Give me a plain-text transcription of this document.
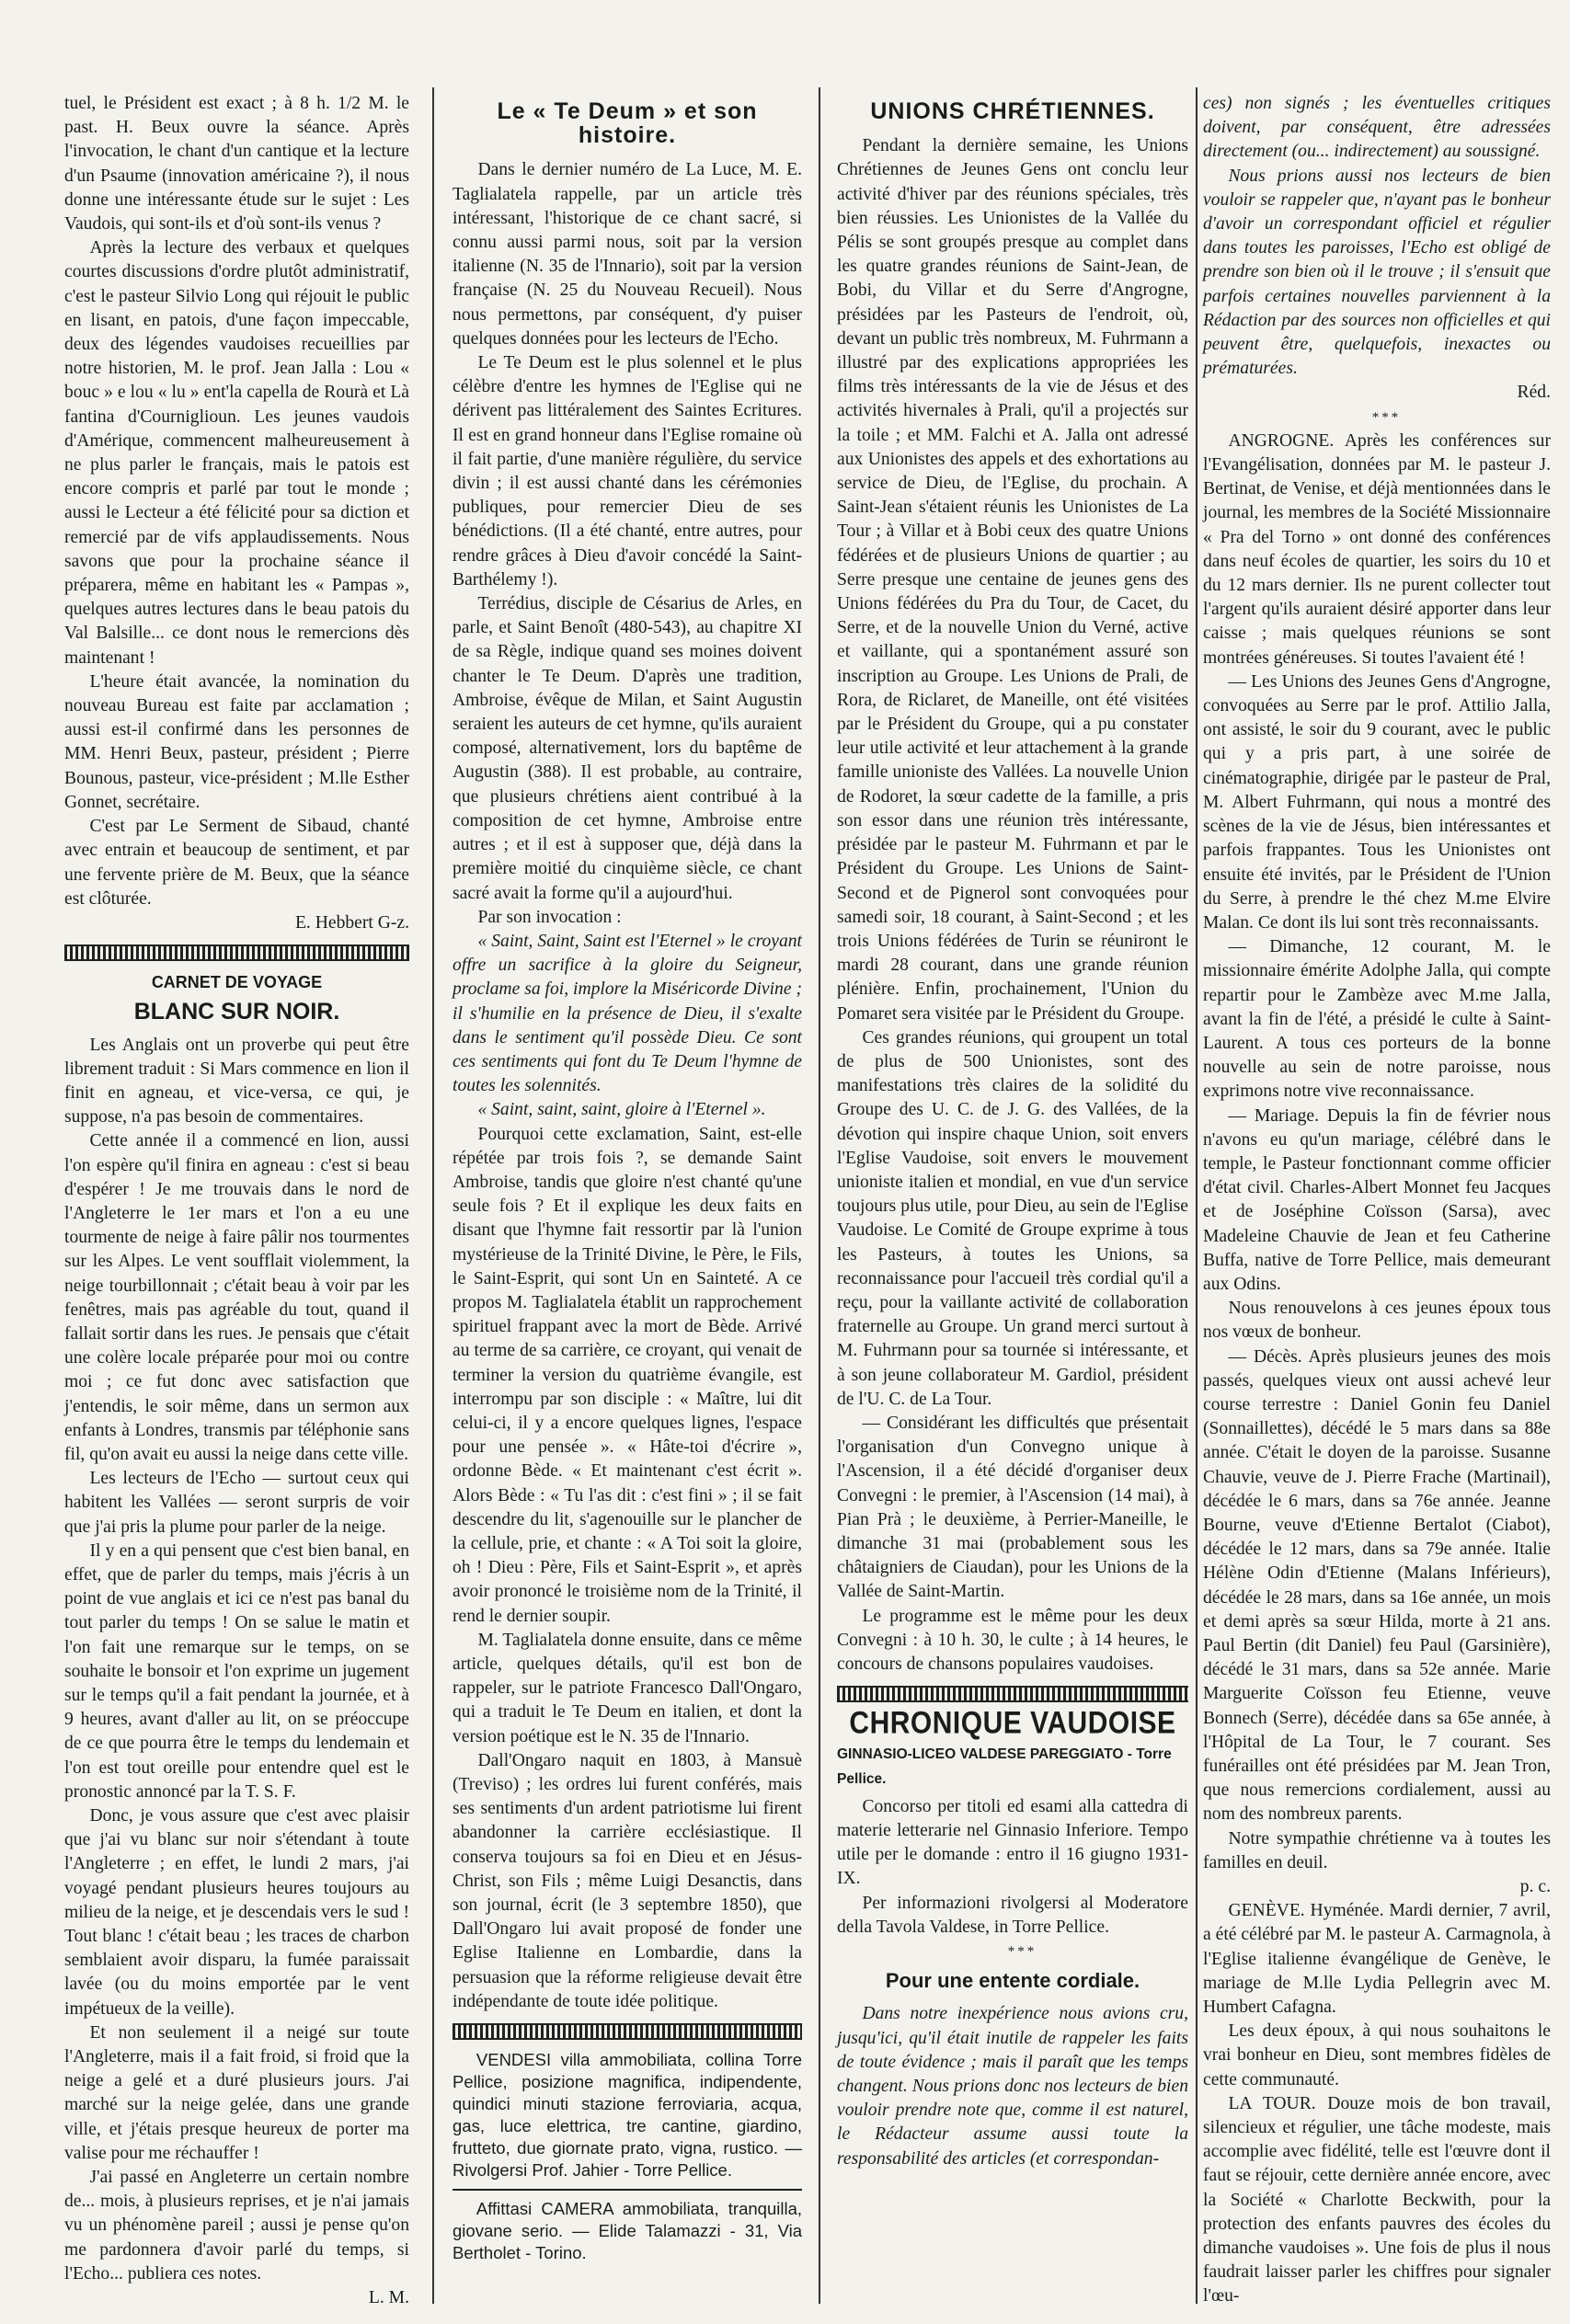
tuel, le Président est exact ; à 8 h. 1/2 M. le past. H. Beux ouvre la séance. Après l'invocation, le chant d'un cantique et la lecture d'un Psaume (innovation américaine ?), il nous donne une intéressante étude sur le sujet : Les Vaudois, qui sont-ils et d'où sont-ils venus ?

Après la lecture des verbaux et quelques courtes discussions d'ordre plutôt administratif, c'est le pasteur Silvio Long qui réjouit le public en lisant, en patois, d'une façon impeccable, deux des légendes vaudoises recueillies par notre historien, M. le prof. Jean Jalla : Lou « bouc » e lou « lu » ent'la capella de Rourà et Là fantina d'Courniglioun. Les jeunes vaudois d'Amérique, commencent malheureusement à ne plus parler le français, mais le patois est encore compris et parlé par tout le monde ; aussi le Lecteur a été félicité pour sa diction et remercié par de vifs applaudissements. Nous savons que pour la prochaine séance il préparera, même en habitant les « Pampas », quelques autres lectures dans le beau patois du Val Balsille... ce dont nous le remercions dès maintenant !

L'heure était avancée, la nomination du nouveau Bureau est faite par acclamation ; aussi est-il confirmé dans les personnes de MM. Henri Beux, pasteur, président ; Pierre Bounous, pasteur, vice-président ; M.lle Esther Gonnet, secrétaire.

C'est par Le Serment de Sibaud, chanté avec entrain et beaucoup de sentiment, et par une fervente prière de M. Beux, que la séance est clôturée.

E. Hebbert G-z.

CARNET DE VOYAGE
BLANC SUR NOIR.

Les Anglais ont un proverbe qui peut être librement traduit : Si Mars commence en lion il finit en agneau, et vice-versa, ce qui, je suppose, n'a pas besoin de commentaires.

Cette année il a commencé en lion, aussi l'on espère qu'il finira en agneau : c'est si beau d'espérer ! Je me trouvais dans le nord de l'Angleterre le 1er mars et l'on a eu une tourmente de neige à faire pâlir nos tourmentes sur les Alpes. Le vent soufflait violemment, la neige tourbillonnait ; c'était beau à voir par les fenêtres, mais pas agréable du tout, quand il fallait sortir dans les rues. Je pensais que c'était une colère locale préparée pour moi ou contre moi ; ce fut donc avec satisfaction que j'entendis, le soir même, dans un sermon aux enfants à Londres, transmis par téléphonie sans fil, qu'on avait eu aussi la neige dans cette ville.

Les lecteurs de l'Echo — surtout ceux qui habitent les Vallées — seront surpris de voir que j'ai pris la plume pour parler de la neige.

Il y en a qui pensent que c'est bien banal, en effet, que de parler du temps, mais j'écris à un point de vue anglais et ici ce n'est pas banal du tout parler du temps ! On se salue le matin et l'on fait une remarque sur le temps, on se souhaite le bonsoir et l'on exprime un jugement sur le temps qu'il a fait pendant la journée, et à 9 heures, avant d'aller au lit, on se préoccupe de ce que pourra être le temps du lendemain et l'on est tout oreille pour entendre quel est le pronostic annoncé par la T. S. F.

Donc, je vous assure que c'est avec plaisir que j'ai vu blanc sur noir s'étendant à toute l'Angleterre ; en effet, le lundi 2 mars, j'ai voyagé pendant plusieurs heures toujours au milieu de la neige, et je descendais vers le sud ! Tout blanc ! c'était beau ; les traces de charbon semblaient avoir disparu, la fumée paraissait lavée (ou du moins emportée par le vent impétueux de la veille).

Et non seulement il a neigé sur toute l'Angleterre, mais il a fait froid, si froid que la neige a gelé et a duré plusieurs jours. J'ai marché sur la neige gelée, dans une grande ville, et j'étais presque heureux de porter ma valise pour me réchauffer !

J'ai passé en Angleterre un certain nombre de... mois, à plusieurs reprises, et je n'ai jamais vu un phénomène pareil ; aussi je pense qu'on me pardonnera d'avoir parlé du temps, si l'Echo... publiera ces notes.

L. M.

Le « Te Deum » et son histoire.

Dans le dernier numéro de La Luce, M. E. Taglialatela rappelle, par un article très intéressant, l'historique de ce chant sacré, si connu aussi parmi nous, soit par la version italienne (N. 35 de l'Innario), soit par la version française (N. 25 du Nouveau Recueil). Nous nous permettons, par conséquent, d'y puiser quelques données pour les lecteurs de l'Echo.

Le Te Deum est le plus solennel et le plus célèbre d'entre les hymnes de l'Eglise qui ne dérivent pas littéralement des Saintes Ecritures. Il est en grand honneur dans l'Eglise romaine où il fait partie, d'une manière régulière, du service divin ; il est aussi chanté dans les cérémonies publiques, pour remercier Dieu de ses bénédictions. (Il a été chanté, entre autres, pour rendre grâces à Dieu d'avoir concédé la Saint-Barthélemy !).

Terrédius, disciple de Césarius de Arles, en parle, et Saint Benoît (480-543), au chapitre XI de sa Règle, indique quand ses moines doivent chanter le Te Deum. D'après une tradition, Ambroise, évêque de Milan, et Saint Augustin seraient les auteurs de cet hymne, qu'ils auraient composé, alternativement, lors du baptême de Augustin (388). Il est probable, au contraire, que plusieurs chrétiens aient contribué à la composition de cet hymne, Ambroise entre autres ; et il est à supposer que, déjà dans la première moitié du cinquième siècle, ce chant sacré avait la forme qu'il a aujourd'hui.

Par son invocation :

« Saint, Saint, Saint est l'Eternel » le croyant offre un sacrifice à la gloire du Seigneur, proclame sa foi, implore la Miséricorde Divine ; il s'humilie en la présence de Dieu, il s'exalte dans le sentiment qu'il possède Dieu. Ce sont ces sentiments qui font du Te Deum l'hymne de toutes les solennités.

« Saint, saint, saint, gloire à l'Eternel ».

Pourquoi cette exclamation, Saint, est-elle répétée par trois fois ?, se demande Saint Ambroise, tandis que gloire n'est chanté qu'une seule fois ? Et il explique les deux faits en disant que l'hymne fait ressortir par là l'union mystérieuse de la Trinité Divine, le Père, le Fils, le Saint-Esprit, qui sont Un en Sainteté. A ce propos M. Taglialatela établit un rapprochement spirituel frappant avec la mort de Bède. Arrivé au terme de sa carrière, ce croyant, qui venait de terminer la version du quatrième évangile, est interrompu par son disciple : « Maître, lui dit celui-ci, il y a encore quelques lignes, l'espace pour une pensée ». « Hâte-toi d'écrire », ordonne Bède. « Et maintenant c'est écrit ». Alors Bède : « Tu l'as dit : c'est fini » ; il se fait descendre du lit, s'agenouille sur le plancher de la cellule, prie, et chante : « A Toi soit la gloire, oh ! Dieu : Père, Fils et Saint-Esprit », et après avoir prononcé le troisième nom de la Trinité, il rend le dernier soupir.

M. Taglialatela donne ensuite, dans ce même article, quelques détails, qu'il est bon de rappeler, sur le patriote Francesco Dall'Ongaro, qui a traduit le Te Deum en italien, et dont la version poétique est le N. 35 de l'Innario.

Dall'Ongaro naquit en 1803, à Mansuè (Treviso) ; les ordres lui furent conférés, mais ses sentiments d'un ardent patriotisme lui firent abandonner la carrière ecclésiastique. Il conserva toujours sa foi en Dieu et en Jésus-Christ, son Fils ; même Luigi Desanctis, dans son journal, écrit (le 3 septembre 1850), que Dall'Ongaro lui avait proposé de fonder une Eglise Italienne en Lombardie, dans la persuasion que la réforme religieuse devait être indépendante de toute idée politique.

VENDESI villa ammobiliata, collina Torre Pellice, posizione magnifica, indipendente, quindici minuti stazione ferroviaria, acqua, gas, luce elettrica, tre cantine, giardino, frutteto, due giornate prato, vigna, rustico. — Rivolgersi Prof. Jahier - Torre Pellice.

Affittasi CAMERA ammobiliata, tranquilla, giovane serio. — Elide Talamazzi - 31, Via Bertholet - Torino.

UNIONS CHRÉTIENNES.

Pendant la dernière semaine, les Unions Chrétiennes de Jeunes Gens ont conclu leur activité d'hiver par des réunions spéciales, très bien réussies. Les Unionistes de la Vallée du Pélis se sont groupés presque au complet dans les quatre grandes réunions de Saint-Jean, de Bobi, du Villar et du Serre d'Angrogne, présidées par les Pasteurs de l'endroit, où, devant un public très nombreux, M. Fuhrmann a illustré par des explications appropriées les films très intéressants de la vie de Jésus et des activités hivernales à Prali, qu'il a projectés sur la toile ; et MM. Falchi et A. Jalla ont adressé aux Unionistes des appels et des exhortations au service de Dieu, de l'Eglise, du prochain. A Saint-Jean s'étaient réunis les Unionistes de La Tour ; à Villar et à Bobi ceux des quatre Unions fédérées et de plusieurs Unions de quartier ; au Serre presque une centaine de jeunes gens des Unions fédérées du Pra du Tour, de Cacet, du Serre, et de la nouvelle Union du Verné, active et vaillante, qui a spontanément assuré son inscription au Groupe. Les Unions de Prali, de Rora, de Riclaret, de Maneille, ont été visitées par le Président du Groupe, qui a pu constater leur utile activité et leur attachement à la grande famille unioniste des Vallées. La nouvelle Union de Rodoret, la sœur cadette de la famille, a pris son essor dans une réunion très intéressante, présidée par le pasteur M. Fuhrmann et par le Président du Groupe. Les Unions de Saint-Second et de Pignerol sont convoquées pour samedi soir, 18 courant, à Saint-Second ; et les trois Unions fédérées de Turin se réuniront le mardi 28 courant, dans une grande réunion plénière. Enfin, prochainement, l'Union du Pomaret sera visitée par le Président du Groupe.

Ces grandes réunions, qui groupent un total de plus de 500 Unionistes, sont des manifestations très claires de la solidité du Groupe des U. C. de J. G. des Vallées, de la dévotion qui inspire chaque Union, soit envers l'Eglise Vaudoise, soit envers le mouvement unioniste italien et mondial, en vue d'un service toujours plus utile, pour Dieu, au sein de l'Eglise Vaudoise. Le Comité de Groupe exprime à tous les Pasteurs, à toutes les Unions, sa reconnaissance pour l'accueil très cordial qu'il a reçu, pour la vaillante activité de collaboration fraternelle au Groupe. Un grand merci surtout à M. Fuhrmann pour sa tournée si intéressante, et à son jeune collaborateur M. Gardiol, président de l'U. C. de La Tour.

— Considérant les difficultés que présentait l'organisation d'un Convegno unique à l'Ascension, il a été décidé d'organiser deux Convegni : le premier, à l'Ascension (14 mai), à Pian Prà ; le deuxième, à Perrier-Maneille, le dimanche 31 mai (probablement sous les châtaigniers de Ciaudan), pour les Unions de la Vallée de Saint-Martin.

Le programme est le même pour les deux Convegni : à 10 h. 30, le culte ; à 14 heures, le concours de chansons populaires vaudoises.

CHRONIQUE VAUDOISE
GINNASIO-LICEO VALDESE PAREGGIATO - Torre Pellice.

Concorso per titoli ed esami alla cattedra di materie letterarie nel Ginnasio Inferiore. Tempo utile per le domande : entro il 16 giugno 1931-IX.

Per informazioni rivolgersi al Moderatore della Tavola Valdese, in Torre Pellice.

***

Pour une entente cordiale.

Dans notre inexpérience nous avions cru, jusqu'ici, qu'il était inutile de rappeler les faits de toute évidence ; mais il paraît que les temps changent. Nous prions donc nos lecteurs de bien vouloir prendre note que, comme il est naturel, le Rédacteur assume aussi toute la responsabilité des articles (et correspondan-

ces) non signés ; les éventuelles critiques doivent, par conséquent, être adressées directement (ou... indirectement) au soussigné.

Nous prions aussi nos lecteurs de bien vouloir se rappeler que, n'ayant pas le bonheur d'avoir un correspondant officiel et régulier dans toutes les paroisses, l'Echo est obligé de prendre son bien où il le trouve ; il s'ensuit que parfois certaines nouvelles parviennent à la Rédaction par des sources non officielles et qui peuvent être, quelquefois, inexactes ou prématurées.

Réd.

***

ANGROGNE. Après les conférences sur l'Evangélisation, données par M. le pasteur J. Bertinat, de Venise, et déjà mentionnées dans le journal, les membres de la Société Missionnaire « Pra del Torno » ont donné des conférences dans neuf écoles de quartier, les soirs du 10 et du 12 mars dernier. Ils ne purent collecter tout l'argent qu'ils auraient désiré apporter dans leur caisse ; mais quelques réunions se sont montrées généreuses. Si toutes l'avaient été !

— Les Unions des Jeunes Gens d'Angrogne, convoquées au Serre par le prof. Attilio Jalla, ont assisté, le soir du 9 courant, avec le public qui y a pris part, à une soirée de cinématographie, dirigée par le pasteur de Pral, M. Albert Fuhrmann, qui nous a montré des scènes de la vie de Jésus, bien intéressantes et parfois frappantes. Tous les Unionistes ont ensuite été invités, par le Président de l'Union du Serre, à prendre le thé chez M.me Elvire Malan. Ce dont ils lui sont très reconnaissants.

— Dimanche, 12 courant, M. le missionnaire émérite Adolphe Jalla, qui compte repartir pour le Zambèze avec M.me Jalla, avant la fin de l'été, a présidé le culte à Saint-Laurent. A tous ces porteurs de la bonne nouvelle au sein de notre paroisse, nous exprimons notre vive reconnaissance.

— Mariage. Depuis la fin de février nous n'avons eu qu'un mariage, célébré dans le temple, le Pasteur fonctionnant comme officier d'état civil. Charles-Albert Monnet feu Jacques et de Joséphine Coïsson (Sarsa), avec Madeleine Chauvie de Jean et feu Catherine Buffa, native de Torre Pellice, mais demeurant aux Odins.

Nous renouvelons à ces jeunes époux tous nos vœux de bonheur.

— Décès. Après plusieurs jeunes des mois passés, quelques vieux ont aussi achevé leur course terrestre : Daniel Gonin feu Daniel (Sonnaillettes), décédé le 5 mars dans sa 88e année. C'était le doyen de la paroisse. Susanne Chauvie, veuve de J. Pierre Frache (Martinail), décédée le 6 mars, dans sa 76e année. Jeanne Bourne, veuve d'Etienne Bertalot (Ciabot), décédée le 12 mars, dans sa 79e année. Italie Hélène Odin d'Etienne (Malans Inférieurs), décédée le 28 mars, dans sa 16e année, un mois et demi après sa sœur Hilda, morte à 21 ans. Paul Bertin (dit Daniel) feu Paul (Garsinière), décédé le 31 mars, dans sa 52e année. Marie Marguerite Coïsson feu Etienne, veuve Bonnech (Serre), décédée dans sa 65e année, à l'Hôpital de La Tour, le 7 courant. Ses funérailles ont été présidées par M. Jean Tron, que nous remercions cordialement, aussi au nom des nombreux parents.

Notre sympathie chrétienne va à toutes les familles en deuil.

p. c.

GENÈVE. Hyménée. Mardi dernier, 7 avril, a été célébré par M. le pasteur A. Carmagnola, à l'Eglise italienne évangélique de Genève, le mariage de M.lle Lydia Pellegrin avec M. Humbert Cafagna.

Les deux époux, à qui nous souhaitons le vrai bonheur en Dieu, sont membres fidèles de cette communauté.

LA TOUR. Douze mois de bon travail, silencieux et régulier, une tâche modeste, mais accomplie avec fidélité, telle est l'œuvre dont il faut se réjouir, cette dernière année encore, avec la Société « Charlotte Beckwith, pour la protection des enfants pauvres des écoles du dimanche vaudoises ». Une fois de plus il nous faudrait laisser parler les chiffres pour signaler l'œu-
